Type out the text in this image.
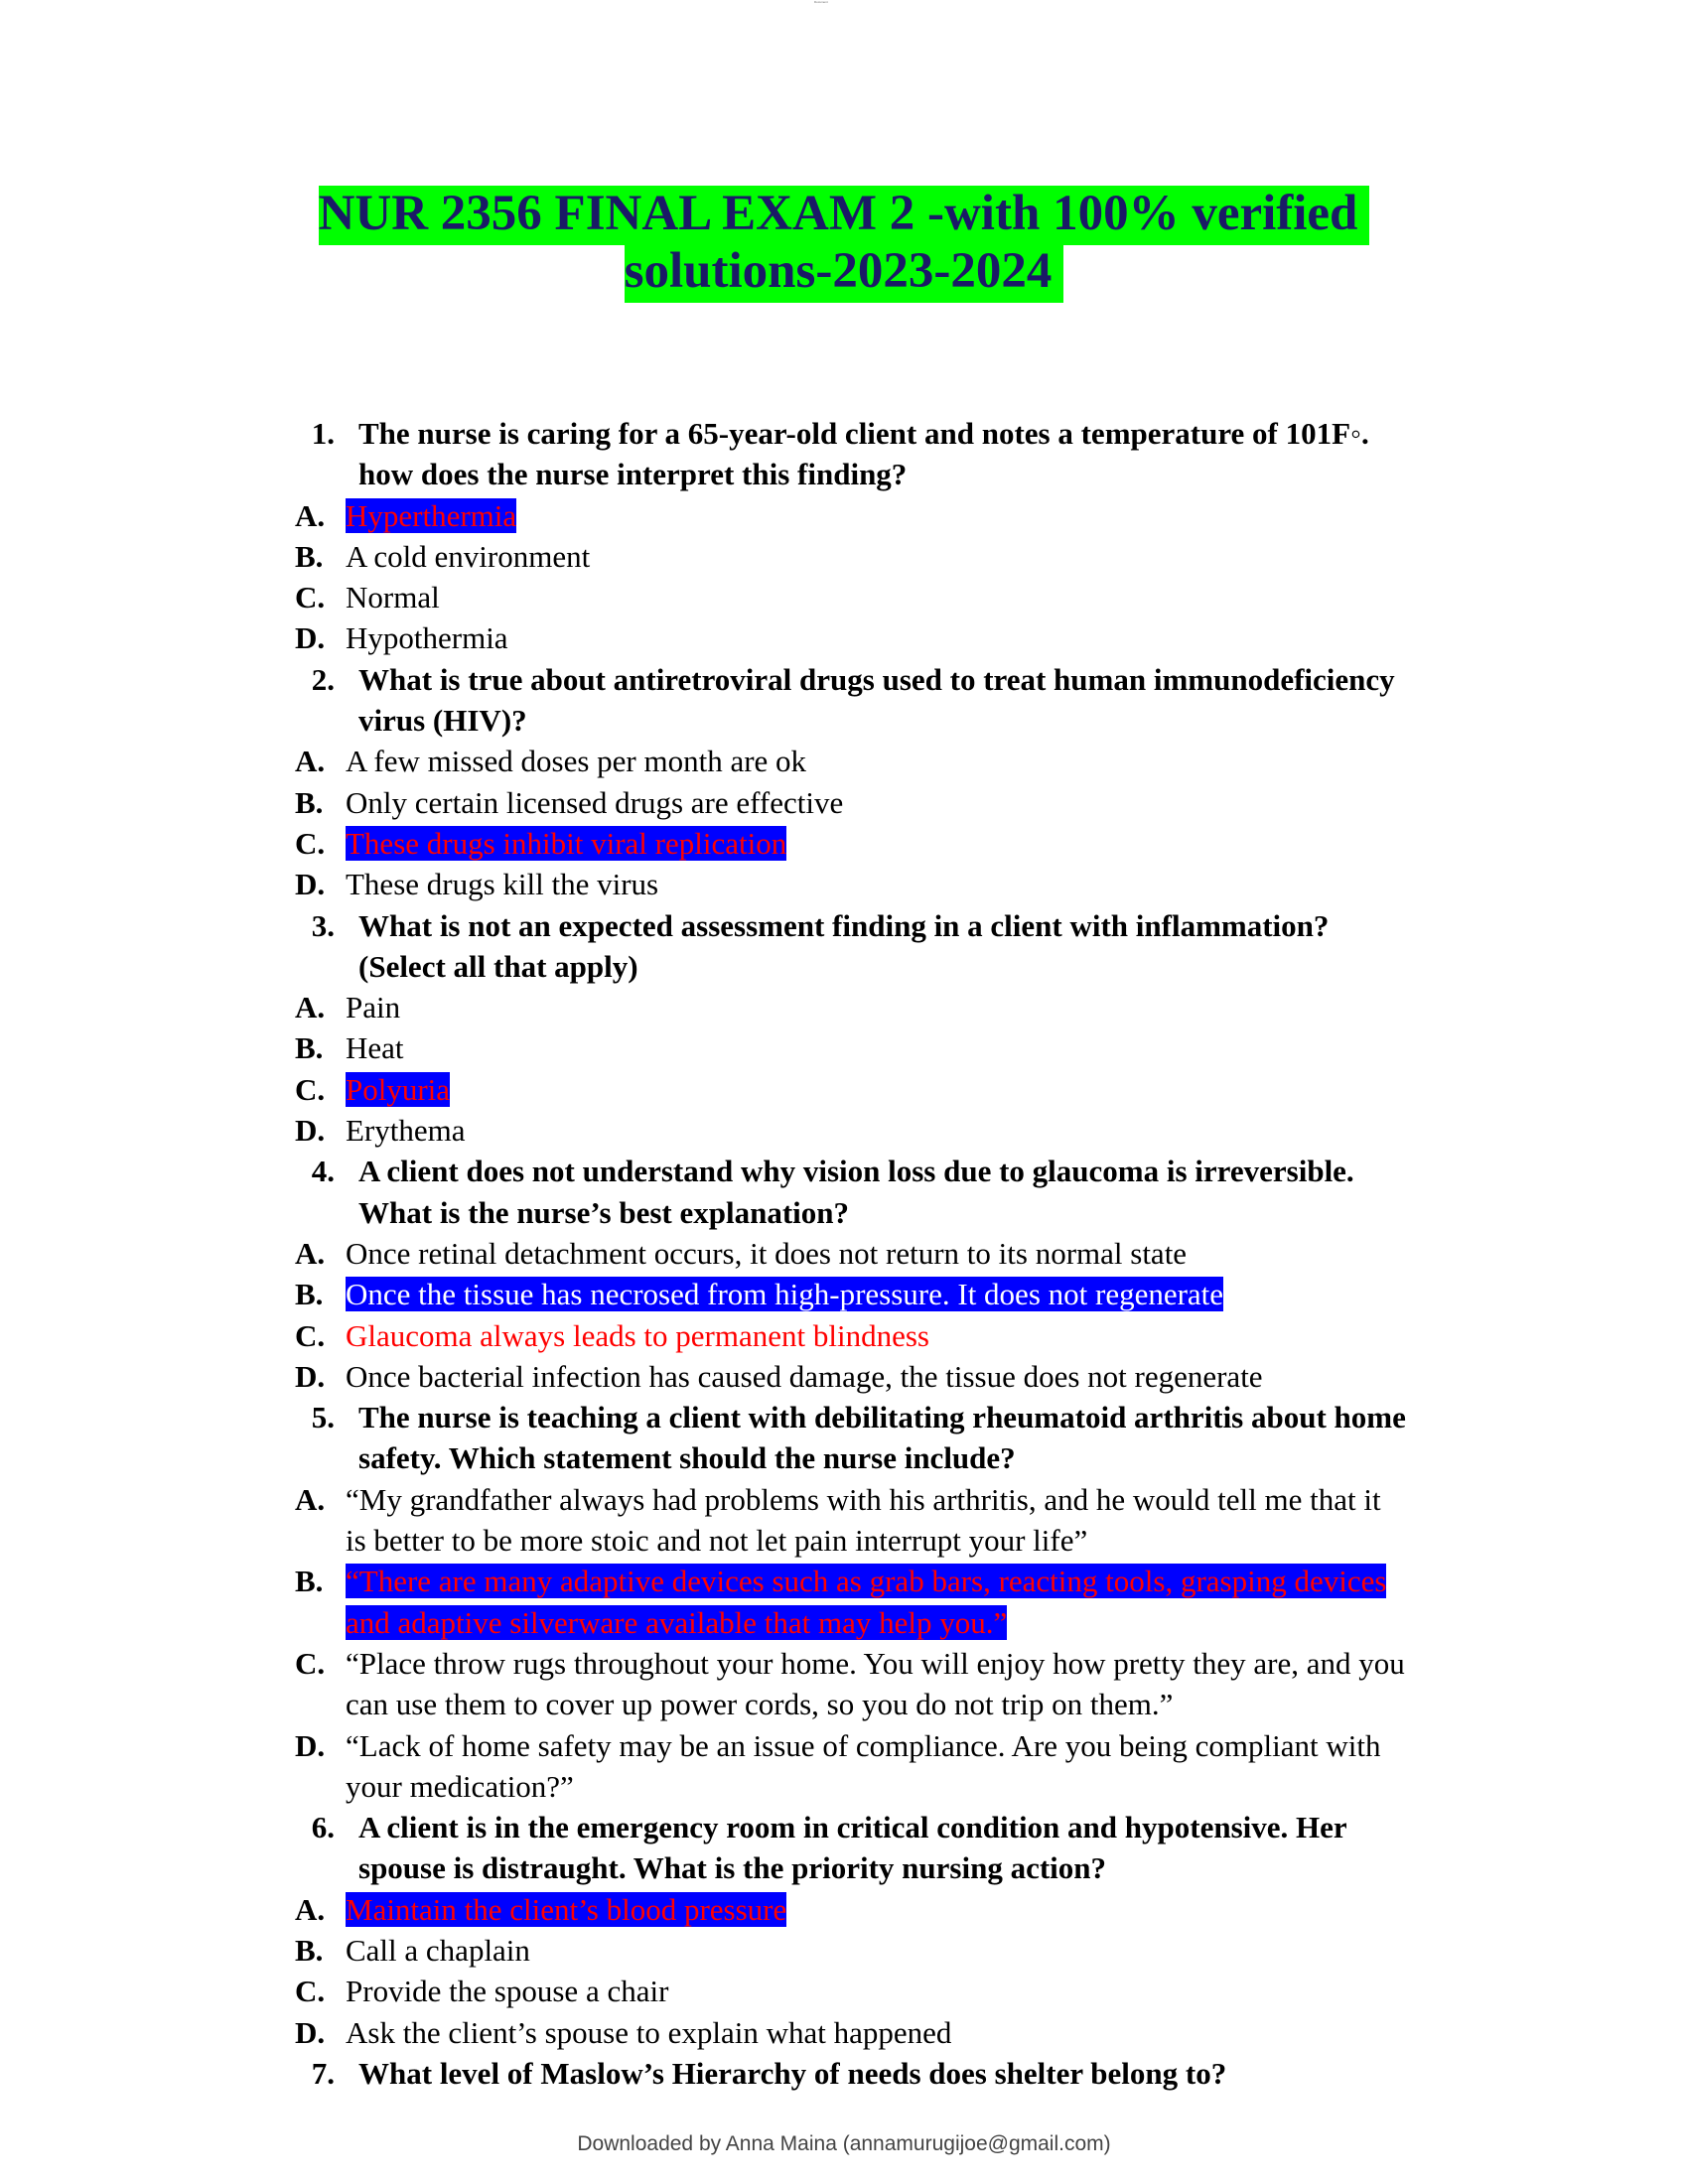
Document
NUR 2356 FINAL EXAM 2 -with 100% verified
solutions-2023-2024
1. The nurse is caring for a 65-year-old client and notes a temperature of 101F◦.
how does the nurse interpret this finding?
A. Hyperthermia
B. A cold environment
C. Normal
D. Hypothermia
2. What is true about antiretroviral drugs used to treat human immunodeficiency
virus (HIV)?
A. A few missed doses per month are ok
B. Only certain licensed drugs are effective
C. These drugs inhibit viral replication
D. These drugs kill the virus
3. What is not an expected assessment finding in a client with inflammation?
(Select all that apply)
A. Pain
B. Heat
C. Polyuria
D. Erythema
4. A client does not understand why vision loss due to glaucoma is irreversible.
What is the nurse’s best explanation?
A. Once retinal detachment occurs, it does not return to its normal state
B. Once the tissue has necrosed from high-pressure. It does not regenerate
C. Glaucoma always leads to permanent blindness
D. Once bacterial infection has caused damage, the tissue does not regenerate
5. The nurse is teaching a client with debilitating rheumatoid arthritis about home
safety. Which statement should the nurse include?
A. “My grandfather always had problems with his arthritis, and he would tell me that it
is better to be more stoic and not let pain interrupt your life”
B. “There are many adaptive devices such as grab bars, reacting tools, grasping devices
and adaptive silverware available that may help you.”
C. “Place throw rugs throughout your home. You will enjoy how pretty they are, and you
can use them to cover up power cords, so you do not trip on them.”
D. “Lack of home safety may be an issue of compliance. Are you being compliant with
your medication?”
6. A client is in the emergency room in critical condition and hypotensive. Her
spouse is distraught. What is the priority nursing action?
A. Maintain the client’s blood pressure
B. Call a chaplain
C. Provide the spouse a chair
D. Ask the client’s spouse to explain what happened
7. What level of Maslow’s Hierarchy of needs does shelter belong to?
Downloaded by Anna Maina (annamurugijoe@gmail.com)
